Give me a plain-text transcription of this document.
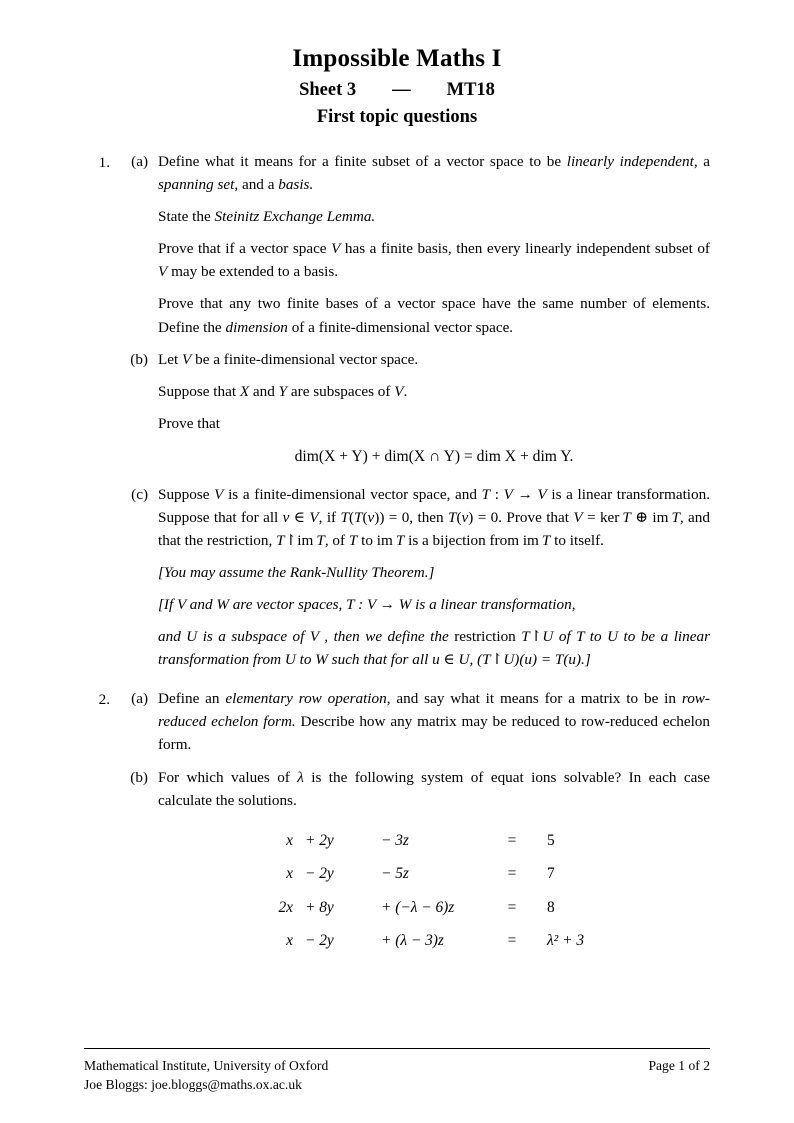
Impossible Maths I
Sheet 3 — MT18
First topic questions
1.	(a) Define what it means for a finite subset of a vector space to be linearly independent, a spanning set, and a basis.

State the Steinitz Exchange Lemma.

Prove that if a vector space V has a finite basis, then every linearly independent subset of V may be extended to a basis.

Prove that any two finite bases of a vector space have the same number of elements. Define the dimension of a finite-dimensional vector space.

(b) Let V be a finite-dimensional vector space.

Suppose that X and Y are subspaces of V.

Prove that

dim(X + Y) + dim(X ∩ Y) = dim X + dim Y.
(c) Suppose V is a finite-dimensional vector space, and T : V → V is a linear transformation. Suppose that for all v ∈ V, if T(T(v)) = 0, then T(v) = 0. Prove that V = ker  T ⊕ im  T, and that the restriction, T↾im  T, of T to im  T is a bijection from im  T to itself.

[You may assume the Rank-Nullity Theorem.]

[If V and W are vector spaces, T : V → W is a linear transformation,

and U is a subspace of V , then we define the restriction T↾U of T to U to be a linear transformation from U to W such that for all u ∈ U, (T↾U)(u) = T(u).]

2.	(a) Define an elementary row operation, and say what it means for a matrix to be in row-reduced echelon form. Describe how any matrix may be reduced to row-reduced echelon form.

(b) For which values of λ is the following system of equat ions solvable? In each case calculate the solutions.

x	+ 2y	− 3z	=	5
x	− 2y	− 5z	=	7
2x	+ 8y	+ (−λ − 6)z	=	8
x	− 2y	+ (λ − 3)z	=	λ² + 3
Mathematical Institute, University of Oxford	Page 1 of 2
Joe Bloggs: joe.bloggs@maths.ox.ac.uk
